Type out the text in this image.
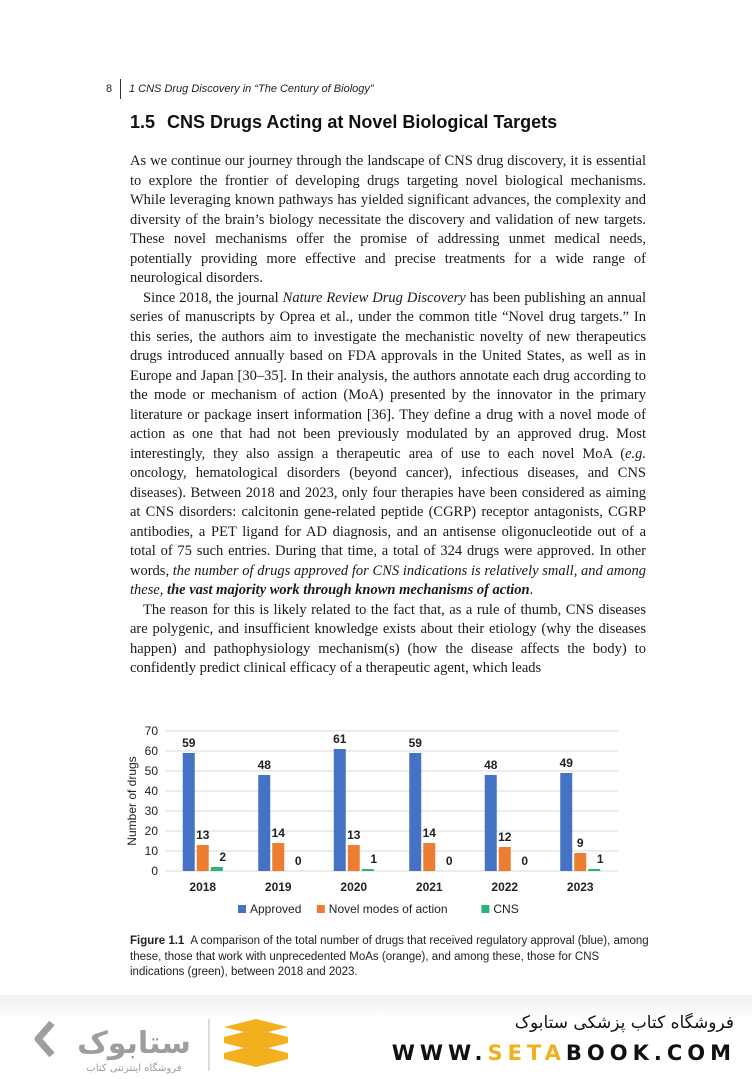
8	1 CNS Drug Discovery in “The Century of Biology”
1.5 CNS Drugs Acting at Novel Biological Targets

As we continue our journey through the landscape of CNS drug discovery, it is essential to explore the frontier of developing drugs targeting novel biological mechanisms. While leveraging known pathways has yielded significant advances, the complexity and diversity of the brain’s biology necessitate the discovery and validation of new targets. These novel mechanisms offer the promise of addressing unmet medical needs, potentially providing more effective and precise treatments for a wide range of neurological disorders.

Since 2018, the journal Nature Review Drug Discovery has been publishing an annual series of manuscripts by Oprea et al., under the common title “Novel drug targets.” In this series, the authors aim to investigate the mechanistic novelty of new therapeutics drugs introduced annually based on FDA approvals in the United States, as well as in Europe and Japan [30–35]. In their analysis, the authors annotate each drug according to the mode or mechanism of action (MoA) presented by the innovator in the primary literature or package insert information [36]. They define a drug with a novel mode of action as one that had not been previously modulated by an approved drug. Most interestingly, they also assign a therapeutic area of use to each novel MoA (e.g. oncology, hematological disorders (beyond cancer), infectious diseases, and CNS diseases). Between 2018 and 2023, only four therapies have been considered as aiming at CNS disorders: calcitonin gene-related peptide (CGRP) receptor antagonists, CGRP antibodies, a PET ligand for AD diagnosis, and an antisense oligonucleotide out of a total of 75 such entries. During that time, a total of 324 drugs were approved. In other words, the number of drugs approved for CNS indications is relatively small, and among these, the vast majority work through known mechanisms of action.

The reason for this is likely related to the fact that, as a rule of thumb, CNS diseases are polygenic, and insufficient knowledge exists about their etiology (why the diseases happen) and pathophysiology mechanism(s) (how the disease affects the body) to confidently predict clinical efficacy of a therapeutic agent, which leads

0
10
20
30
40
50
60
70
Number of drugs
2018
59
13
2
2019
48
14
0
2020
61
13
1
2021
59
14
0
2022
48
12
0
2023
49
9
1
Approved Novel modes of action	CNS
Figure 1.1 A comparison of the total number of drugs that received regulatory approval (blue), among these, those that work with unprecedented MoAs (orange), and among these, those for CNS indications (green), between 2018 and 2023.
ستابوک
فروشگاه اینترنتی کتاب
فروشگاه کتاب پزشکی ستابوک
WWW.SETABOOK.COM
